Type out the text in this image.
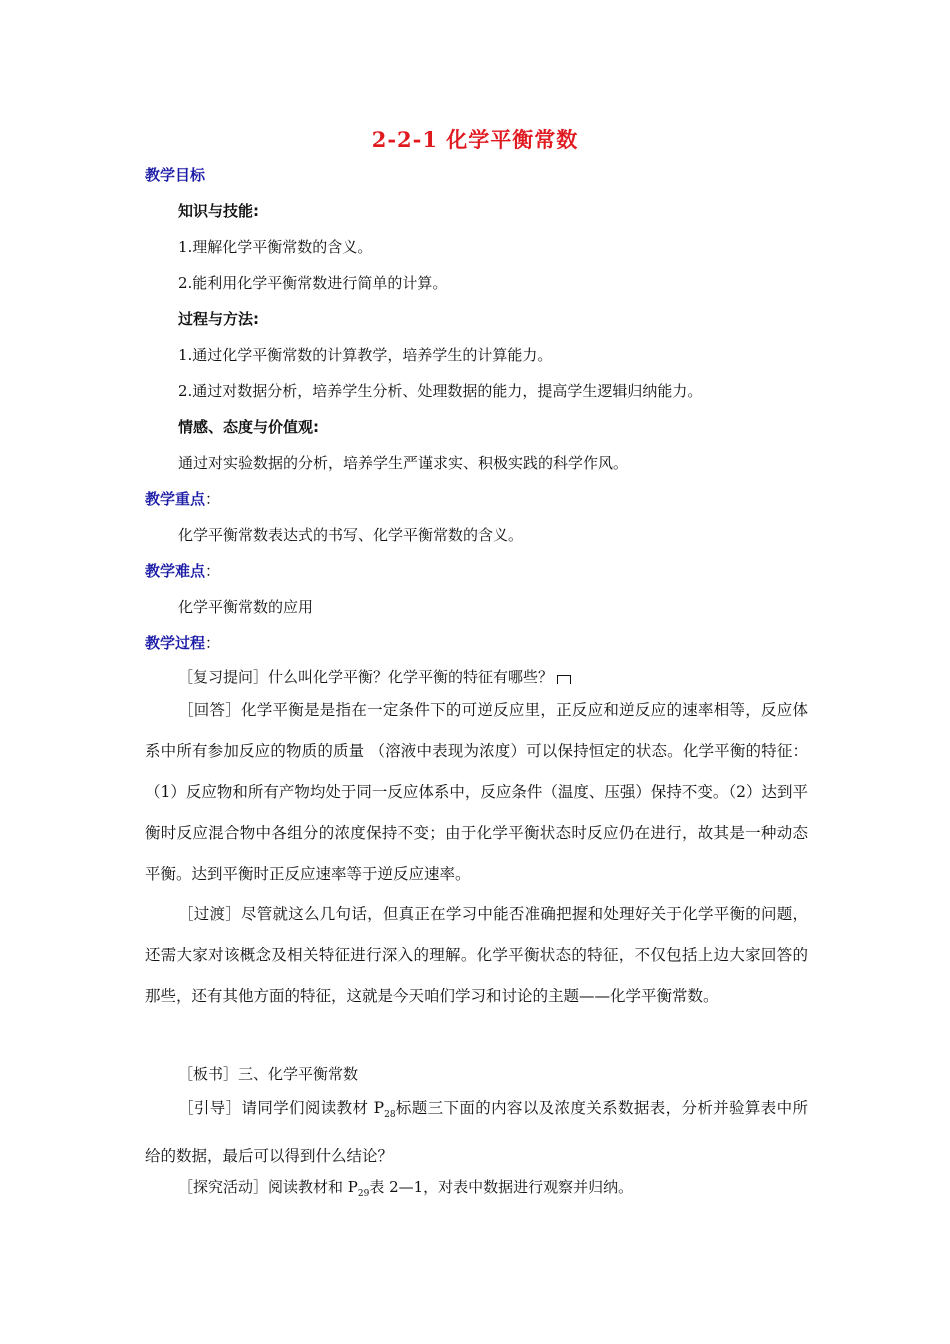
2-2-1 化学平衡常数
教学目标
知识与技能:
1.理解化学平衡常数的含义。
2.能利用化学平衡常数进行简单的计算。
过程与方法:
1.通过化学平衡常数的计算教学，培养学生的计算能力。
2.通过对数据分析，培养学生分析、处理数据的能力，提高学生逻辑归纳能力。
情感、态度与价值观:
通过对实验数据的分析，培养学生严谨求实、积极实践的科学作风。
教学重点：
化学平衡常数表达式的书写、化学平衡常数的含义。
教学难点：
化学平衡常数的应用
教学过程：
［复习提问］什么叫化学平衡？化学平衡的特征有哪些？
［回答］化学平衡是是指在一定条件下的可逆反应里，正反应和逆反应的速率相等，反应体系中所有参加反应的物质的质量 （溶液中表现为浓度）可以保持恒定的状态。化学平衡的特征：（1）反应物和所有产物均处于同一反应体系中，反应条件（温度、压强）保持不变。（2）达到平衡时反应混合物中各组分的浓度保持不变；由于化学平衡状态时反应仍在进行，故其是一种动态平衡。达到平衡时正反应速率等于逆反应速率。
［过渡］尽管就这么几句话，但真正在学习中能否准确把握和处理好关于化学平衡的问题，还需大家对该概念及相关特征进行深入的理解。化学平衡状态的特征，不仅包括上边大家回答的那些，还有其他方面的特征，这就是今天咱们学习和讨论的主题——化学平衡常数。
［板书］三、化学平衡常数
［引导］请同学们阅读教材 $P_{28}$标题三下面的内容以及浓度关系数据表，分析并验算表中所给的数据，最后可以得到什么结论？
［探究活动］阅读教材和 $P_{29}$表 2—1，对表中数据进行观察并归纳。
